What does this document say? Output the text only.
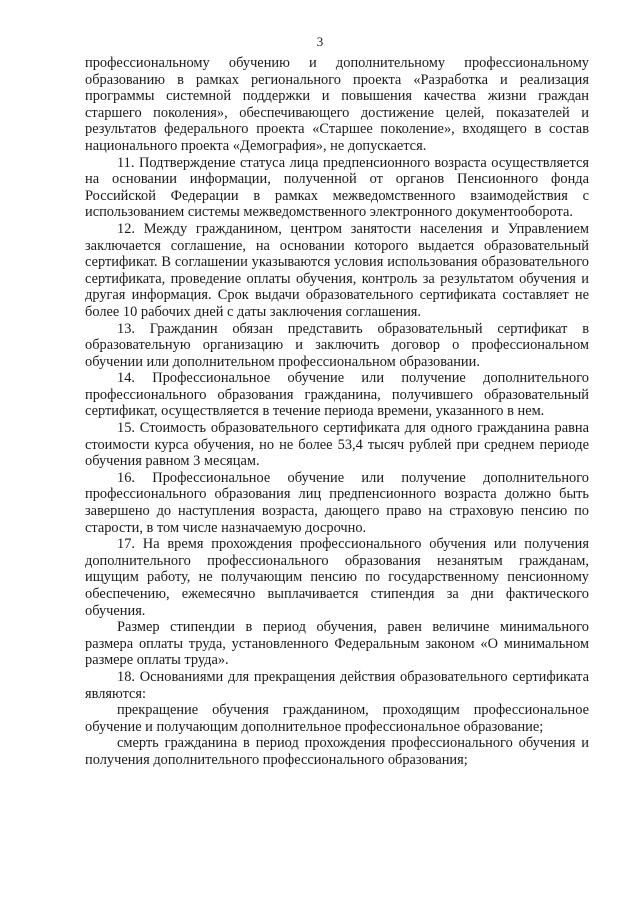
3

профессиональному обучению и дополнительному профессиональному образованию в рамках регионального проекта «Разработка и реализация программы системной поддержки и повышения качества жизни граждан старшего поколения», обеспечивающего достижение целей, показателей и результатов федерального проекта «Старшее поколение», входящего в состав национального проекта «Демография», не допускается.

11. Подтверждение статуса лица предпенсионного возраста осуществляется на основании информации, полученной от органов Пенсионного фонда Российской Федерации в рамках межведомственного взаимодействия с использованием системы межведомственного электронного документооборота.

12. Между гражданином, центром занятости населения и Управлением заключается соглашение, на основании которого выдается образовательный сертификат. В соглашении указываются условия использования образовательного сертификата, проведение оплаты обучения, контроль за результатом обучения и другая информация. Срок выдачи образовательного сертификата составляет не более 10 рабочих дней с даты заключения соглашения.

13. Гражданин обязан представить образовательный сертификат в образовательную организацию и заключить договор о профессиональном обучении или дополнительном профессиональном образовании.

14. Профессиональное обучение или получение дополнительного профессионального образования гражданина, получившего образовательный сертификат, осуществляется в течение периода времени, указанного в нем.

15. Стоимость образовательного сертификата для одного гражданина равна стоимости курса обучения, но не более 53,4 тысяч рублей при среднем периоде обучения равном 3 месяцам.

16. Профессиональное обучение или получение дополнительного профессионального образования лиц предпенсионного возраста должно быть завершено до наступления возраста, дающего право на страховую пенсию по старости, в том числе назначаемую досрочно.

17. На время прохождения профессионального обучения или получения дополнительного профессионального образования незанятым гражданам, ищущим работу, не получающим пенсию по государственному пенсионному обеспечению, ежемесячно выплачивается стипендия за дни фактического обучения.

Размер стипендии в период обучения, равен величине минимального размера оплаты труда, установленного Федеральным законом «О минимальном размере оплаты труда».

18. Основаниями для прекращения действия образовательного сертификата являются:

прекращение обучения гражданином, проходящим профессиональное обучение и получающим дополнительное профессиональное образование;

смерть гражданина в период прохождения профессионального обучения и получения дополнительного профессионального образования;
